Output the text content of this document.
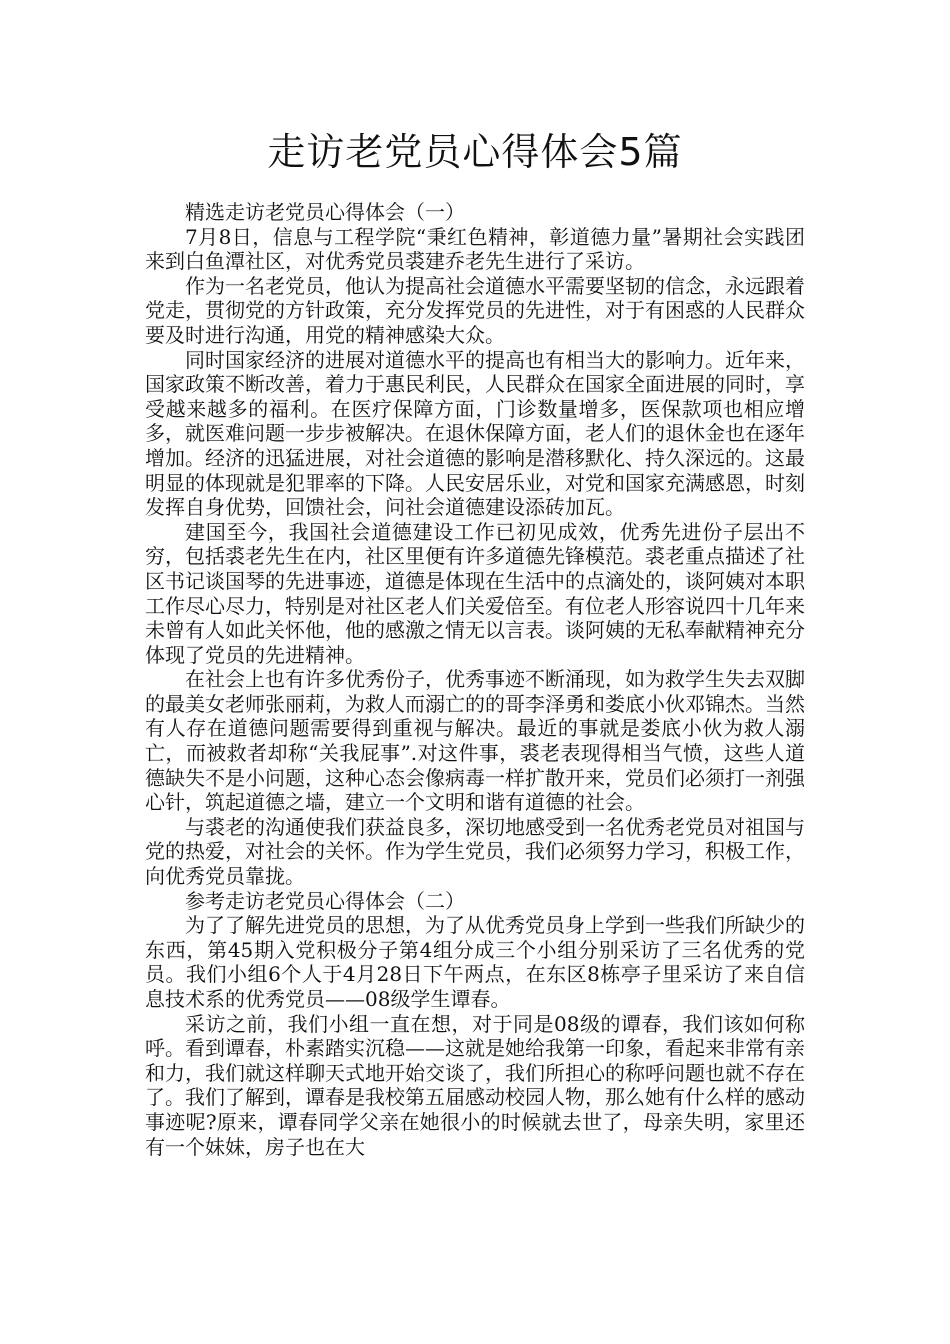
走访老党员心得体会5篇

精选走访老党员心得体会（一）

7月8日，信息与工程学院“秉红色精神，彰道德力量”暑期社会实践团来到白鱼潭社区，对优秀党员裘建乔老先生进行了采访。

作为一名老党员，他认为提高社会道德水平需要坚韧的信念，永远跟着党走，贯彻党的方针政策，充分发挥党员的先进性，对于有困惑的人民群众要及时进行沟通，用党的精神感染大众。

同时国家经济的进展对道德水平的提高也有相当大的影响力。近年来，国家政策不断改善，着力于惠民利民，人民群众在国家全面进展的同时，享受越来越多的福利。在医疗保障方面，门诊数量增多，医保款项也相应增多，就医难问题一步步被解决。在退休保障方面，老人们的退休金也在逐年增加。经济的迅猛进展，对社会道德的影响是潜移默化、持久深远的。这最明显的体现就是犯罪率的下降。人民安居乐业，对党和国家充满感恩，时刻发挥自身优势，回馈社会，问社会道德建设添砖加瓦。

建国至今，我国社会道德建设工作已初见成效，优秀先进份子层出不穷，包括裘老先生在内，社区里便有许多道德先锋模范。裘老重点描述了社区书记谈国琴的先进事迹，道德是体现在生活中的点滴处的，谈阿姨对本职工作尽心尽力，特别是对社区老人们关爱倍至。有位老人形容说四十几年来未曾有人如此关怀他，他的感激之情无以言表。谈阿姨的无私奉献精神充分体现了党员的先进精神。

在社会上也有许多优秀份子，优秀事迹不断涌现，如为救学生失去双脚的最美女老师张丽莉，为救人而溺亡的的哥李泽勇和娄底小伙邓锦杰。当然有人存在道德问题需要得到重视与解决。最近的事就是娄底小伙为救人溺亡，而被救者却称“关我屁事”.对这件事，裘老表现得相当气愤，这些人道德缺失不是小问题，这种心态会像病毒一样扩散开来，党员们必须打一剂强心针，筑起道德之墙，建立一个文明和谐有道德的社会。

与裘老的沟通使我们获益良多，深切地感受到一名优秀老党员对祖国与党的热爱，对社会的关怀。作为学生党员，我们必须努力学习，积极工作，向优秀党员靠拢。

参考走访老党员心得体会（二）

为了了解先进党员的思想，为了从优秀党员身上学到一些我们所缺少的东西，第45期入党积极分子第4组分成三个小组分别采访了三名优秀的党员。我们小组6个人于4月28日下午两点，在东区8栋亭子里采访了来自信息技术系的优秀党员——08级学生谭春。

采访之前，我们小组一直在想，对于同是08级的谭春，我们该如何称呼。看到谭春，朴素踏实沉稳——这就是她给我第一印象，看起来非常有亲和力，我们就这样聊天式地开始交谈了，我们所担心的称呼问题也就不存在了。我们了解到，谭春是我校第五届感动校园人物，那么她有什么样的感动事迹呢?原来，谭春同学父亲在她很小的时候就去世了，母亲失明，家里还有一个妹妹，房子也在大
